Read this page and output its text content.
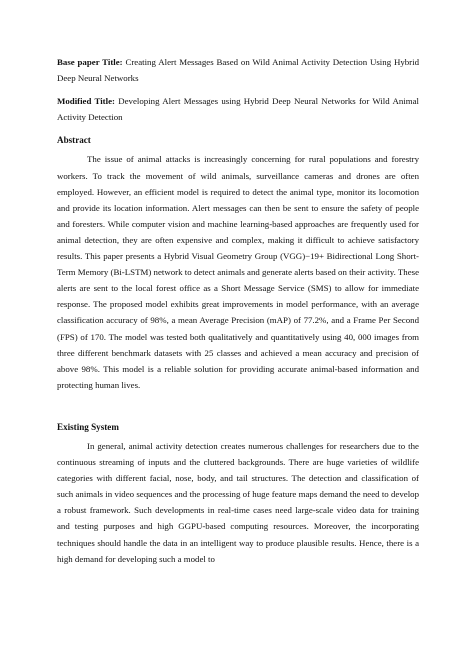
Base paper Title: Creating Alert Messages Based on Wild Animal Activity Detection Using Hybrid Deep Neural Networks

Modified Title: Developing Alert Messages using Hybrid Deep Neural Networks for Wild Animal Activity Detection

Abstract

The issue of animal attacks is increasingly concerning for rural populations and forestry workers. To track the movement of wild animals, surveillance cameras and drones are often employed. However, an efficient model is required to detect the animal type, monitor its locomotion and provide its location information. Alert messages can then be sent to ensure the safety of people and foresters. While computer vision and machine learning-based approaches are frequently used for animal detection, they are often expensive and complex, making it difficult to achieve satisfactory results. This paper presents a Hybrid Visual Geometry Group (VGG)−19+ Bidirectional Long Short-Term Memory (Bi-LSTM) network to detect animals and generate alerts based on their activity. These alerts are sent to the local forest office as a Short Message Service (SMS) to allow for immediate response. The proposed model exhibits great improvements in model performance, with an average classification accuracy of 98%, a mean Average Precision (mAP) of 77.2%, and a Frame Per Second (FPS) of 170. The model was tested both qualitatively and quantitatively using 40, 000 images from three different benchmark datasets with 25 classes and achieved a mean accuracy and precision of above 98%. This model is a reliable solution for providing accurate animal-based information and protecting human lives.

Existing System

In general, animal activity detection creates numerous challenges for researchers due to the continuous streaming of inputs and the cluttered backgrounds. There are huge varieties of wildlife categories with different facial, nose, body, and tail structures. The detection and classification of such animals in video sequences and the processing of huge feature maps demand the need to develop a robust framework. Such developments in real-time cases need large-scale video data for training and testing purposes and high GGPU-based computing resources. Moreover, the incorporating techniques should handle the data in an intelligent way to produce plausible results. Hence, there is a high demand for developing such a model to
